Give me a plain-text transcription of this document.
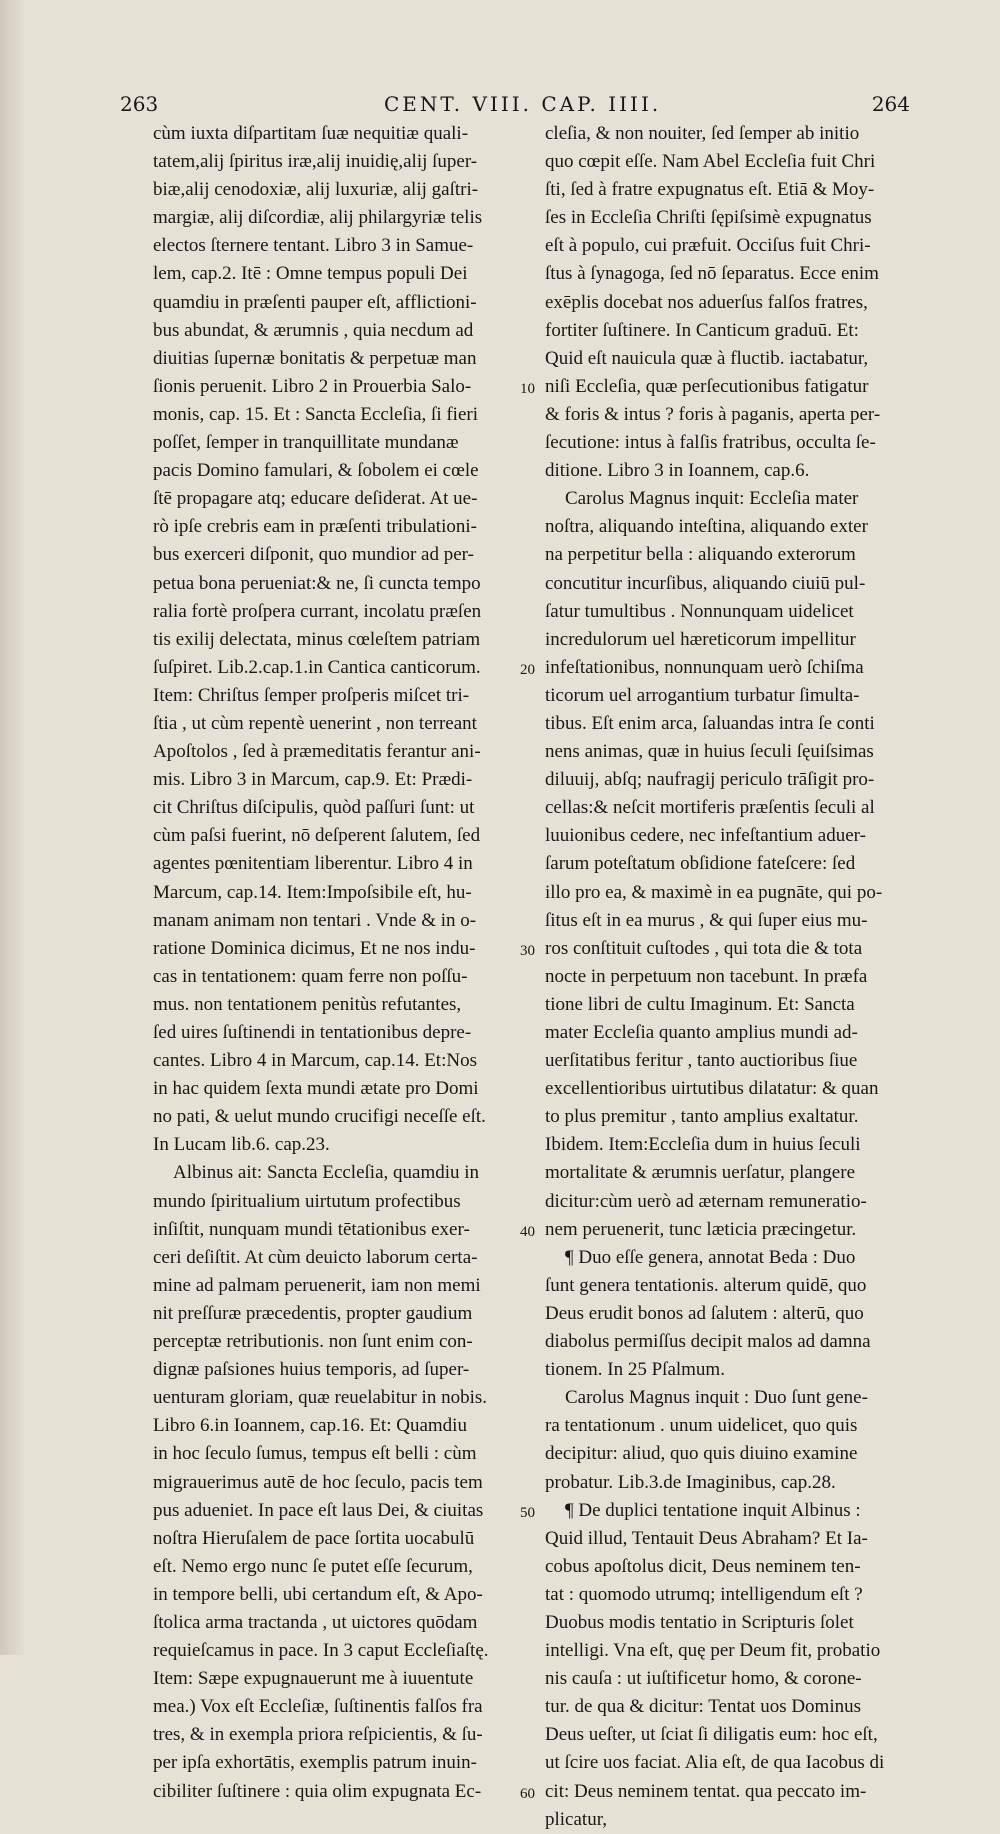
263	CENT. VIII. CAP. IIII.	264
cùm iuxta diſpartitam ſuæ nequitiæ quali-
tatem,alij ſpiritus iræ,alij inuidię,alij ſuper-
biæ,alij cenodoxiæ, alij luxuriæ, alij gaſtri-
margiæ, alij diſcordiæ, alij philargyriæ telis
electos ſternere tentant. Libro 3 in Samue-
lem, cap.2. Itē : Omne tempus populi Dei
quamdiu in præſenti pauper eſt, afflictioni-
bus abundat, & ærumnis , quia necdum ad
diuitias ſupernæ bonitatis & perpetuæ man
ſionis peruenit. Libro 2 in Prouerbia Salo-
monis, cap. 15. Et : Sancta Eccleſia, ſi fieri
poſſet, ſemper in tranquillitate mundanæ
pacis Domino famulari, & ſobolem ei cœle
ſtē propagare atq; educare deſiderat. At ue-
rò ipſe crebris eam in præſenti tribulationi-
bus exerceri diſponit, quo mundior ad per-
petua bona perueniat:& ne, ſi cuncta tempo
ralia fortè proſpera currant, incolatu præſen
tis exilij delectata, minus cœleſtem patriam
ſuſpiret. Lib.2.cap.1.in Cantica canticorum.
Item: Chriſtus ſemper proſperis miſcet tri-
ſtia , ut cùm repentè uenerint , non terreant
Apoſtolos , ſed à præmeditatis ferantur ani-
mis. Libro 3 in Marcum, cap.9. Et: Prædi-
cit Chriſtus diſcipulis, quòd paſſuri ſunt: ut
cùm paſsi fuerint, nō deſperent ſalutem, ſed
agentes pœnitentiam liberentur. Libro 4 in
Marcum, cap.14. Item:Impoſsibile eſt, hu-
manam animam non tentari . Vnde & in o-
ratione Dominica dicimus, Et ne nos indu-
cas in tentationem: quam ferre non poſſu-
mus. non tentationem penitùs refutantes,
ſed uires ſuſtinendi in tentationibus depre-
cantes. Libro 4 in Marcum, cap.14. Et:Nos
in hac quidem ſexta mundi ætate pro Domi
no pati, & uelut mundo crucifigi neceſſe eſt.
In Lucam lib.6. cap.23.
Albinus ait: Sancta Eccleſia, quamdiu in
mundo ſpiritualium uirtutum profectibus
inſiſtit, nunquam mundi tētationibus exer-
ceri deſiſtit. At cùm deuicto laborum certa-
mine ad palmam peruenerit, iam non memi
nit preſſuræ præcedentis, propter gaudium
perceptæ retributionis. non ſunt enim con-
dignæ paſsiones huius temporis, ad ſuper-
uenturam gloriam, quæ reuelabitur in nobis.
Libro 6.in Ioannem, cap.16. Et: Quamdiu
in hoc ſeculo ſumus, tempus eſt belli : cùm
migrauerimus autē de hoc ſeculo, pacis tem
pus adueniet. In pace eſt laus Dei, & ciuitas
noſtra Hieruſalem de pace ſortita uocabulū
eſt. Nemo ergo nunc ſe putet eſſe ſecurum,
in tempore belli, ubi certandum eſt, & Apo-
ſtolica arma tractanda , ut uictores quōdam
requieſcamus in pace. In 3 caput Eccleſiaſtę.
Item: Sæpe expugnauerunt me à iuuentute
mea.) Vox eſt Eccleſiæ, ſuſtinentis falſos fra
tres, & in exempla priora reſpicientis, & ſu-
per ipſa exhortātis, exemplis patrum inuin-
cibiliter ſuſtinere : quia olim expugnata Ec-
10
20
30
40
50
60
cleſia, & non nouiter, ſed ſemper ab initio
quo cœpit eſſe. Nam Abel Eccleſia fuit Chri
ſti, ſed à fratre expugnatus eſt. Etiā & Moy-
ſes in Eccleſia Chriſti ſępiſsimè expugnatus
eſt à populo, cui præfuit. Occiſus fuit Chri-
ſtus à ſynagoga, ſed nō ſeparatus. Ecce enim
exēplis docebat nos aduerſus falſos fratres,
fortiter ſuſtinere. In Canticum graduū. Et:
Quid eſt nauicula quæ à fluctib. iactabatur,
niſi Eccleſia, quæ perſecutionibus fatigatur
& foris & intus ? foris à paganis, aperta per-
ſecutione: intus à falſis fratribus, occulta ſe-
ditione. Libro 3 in Ioannem, cap.6.
Carolus Magnus inquit: Eccleſia mater
noſtra, aliquando inteſtina, aliquando exter
na perpetitur bella : aliquando exterorum
concutitur incurſibus, aliquando ciuiū pul-
ſatur tumultibus . Nonnunquam uidelicet
incredulorum uel hæreticorum impellitur
infeſtationibus, nonnunquam uerò ſchiſma
ticorum uel arrogantium turbatur ſimulta-
tibus. Eſt enim arca, ſaluandas intra ſe conti
nens animas, quæ in huius ſeculi ſęuiſsimas
diluuij, abſq; naufragij periculo trāſigit pro-
cellas:& neſcit mortiferis præſentis ſeculi al
luuionibus cedere, nec infeſtantium aduer-
ſarum poteſtatum obſidione fateſcere: ſed
illo pro ea, & maximè in ea pugnāte, qui po-
ſitus eſt in ea murus , & qui ſuper eius mu-
ros conſtituit cuſtodes , qui tota die & tota
nocte in perpetuum non tacebunt. In præfa
tione libri de cultu Imaginum. Et: Sancta
mater Eccleſia quanto amplius mundi ad-
uerſitatibus feritur , tanto auctioribus ſiue
excellentioribus uirtutibus dilatatur: & quan
to plus premitur , tanto amplius exaltatur.
Ibidem. Item:Eccleſia dum in huius ſeculi
mortalitate & ærumnis uerſatur, plangere
dicitur:cùm uerò ad æternam remuneratio-
nem peruenerit, tunc læticia præcingetur.
¶ Duo eſſe genera, annotat Beda : Duo
ſunt genera tentationis. alterum quidē, quo
Deus erudit bonos ad ſalutem : alterū, quo
diabolus permiſſus decipit malos ad damna
tionem. In 25 Pſalmum.
Carolus Magnus inquit : Duo ſunt gene-
ra tentationum . unum uidelicet, quo quis
decipitur: aliud, quo quis diuino examine
probatur. Lib.3.de Imaginibus, cap.28.
¶ De duplici tentatione inquit Albinus :
Quid illud, Tentauit Deus Abraham? Et Ia-
cobus apoſtolus dicit, Deus neminem ten-
tat : quomodo utrumq; intelligendum eſt ?
Duobus modis tentatio in Scripturis ſolet
intelligi. Vna eſt, quę per Deum fit, probatio
nis cauſa : ut iuſtificetur homo, & corone-
tur. de qua & dicitur: Tentat uos Dominus
Deus ueſter, ut ſciat ſi diligatis eum: hoc eſt,
ut ſcire uos faciat. Alia eſt, de qua Iacobus di
cit: Deus neminem tentat. qua peccato im-
plicatur,
